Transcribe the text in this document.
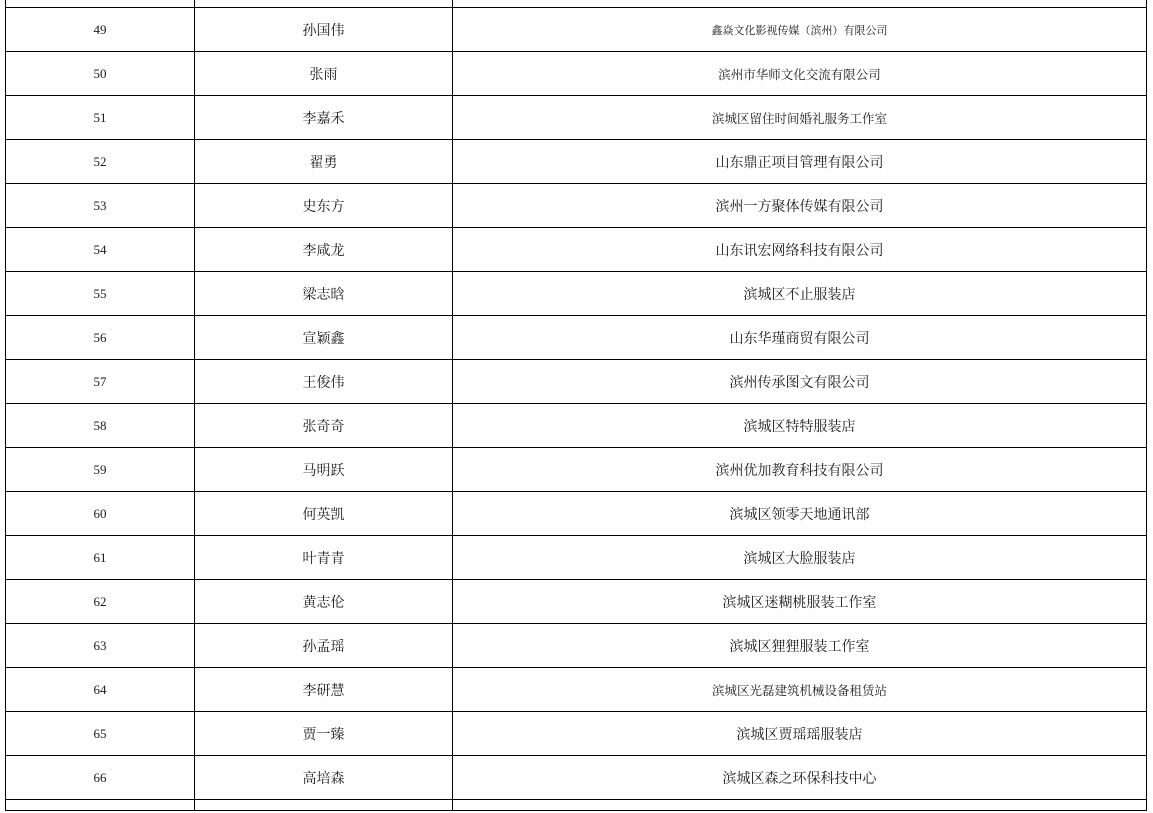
49	孙国伟	鑫焱文化影视传媒（滨州）有限公司
50	张雨	滨州市华师文化交流有限公司
51	李嘉禾	滨城区留住时间婚礼服务工作室
52	翟勇	山东鼎正项目管理有限公司
53	史东方	滨州一方聚体传媒有限公司
54	李咸龙	山东讯宏网络科技有限公司
55	梁志晗	滨城区不止服装店
56	宣颖鑫	山东华瑾商贸有限公司
57	王俊伟	滨州传承图文有限公司
58	张奇奇	滨城区特特服装店
59	马明跃	滨州优加教育科技有限公司
60	何英凯	滨城区领零天地通讯部
61	叶青青	滨城区大脸服装店
62	黄志伦	滨城区迷糊桃服装工作室
63	孙孟瑶	滨城区狸狸服装工作室
64	李研慧	滨城区光磊建筑机械设备租赁站
65	贾一臻	滨城区贾瑶瑶服装店
66	高培森	滨城区森之环保科技中心
